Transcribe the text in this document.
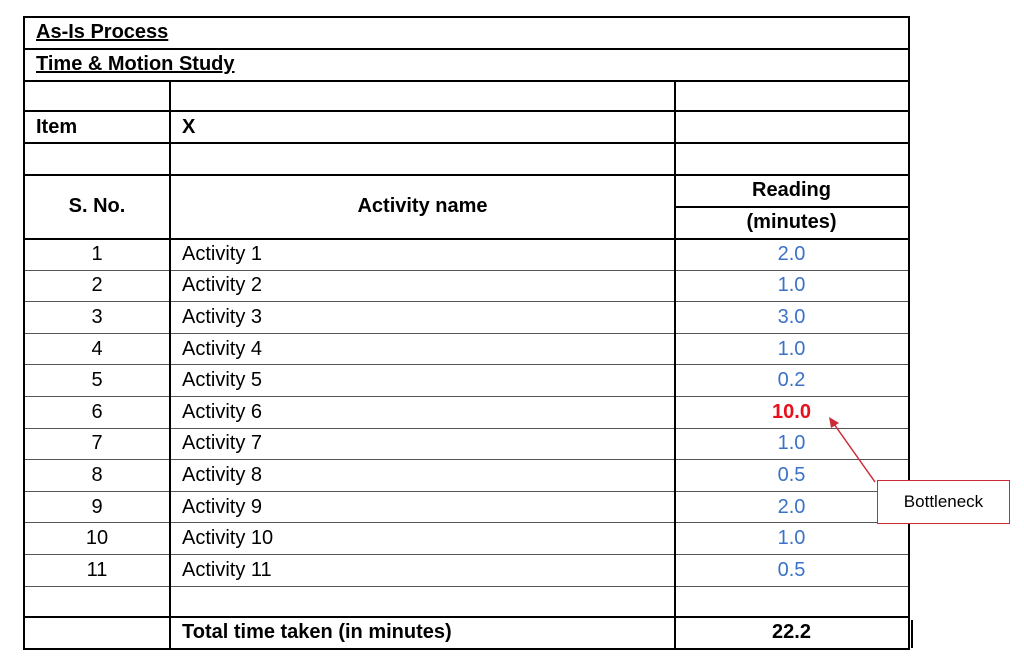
As-Is Process
Time & Motion Study
Item	X
S. No.	Activity name
Reading
(minutes)
1	Activity 1	2.0
2	Activity 2	1.0
3	Activity 3	3.0
4	Activity 4	1.0
5	Activity 5	0.2
6	Activity 6	10.0
7	Activity 7	1.0
8	Activity 8	0.5
9	Activity 9	2.0
10	Activity 10	1.0
11	Activity 11	0.5
Total time taken (in minutes)	22.2
Bottleneck
